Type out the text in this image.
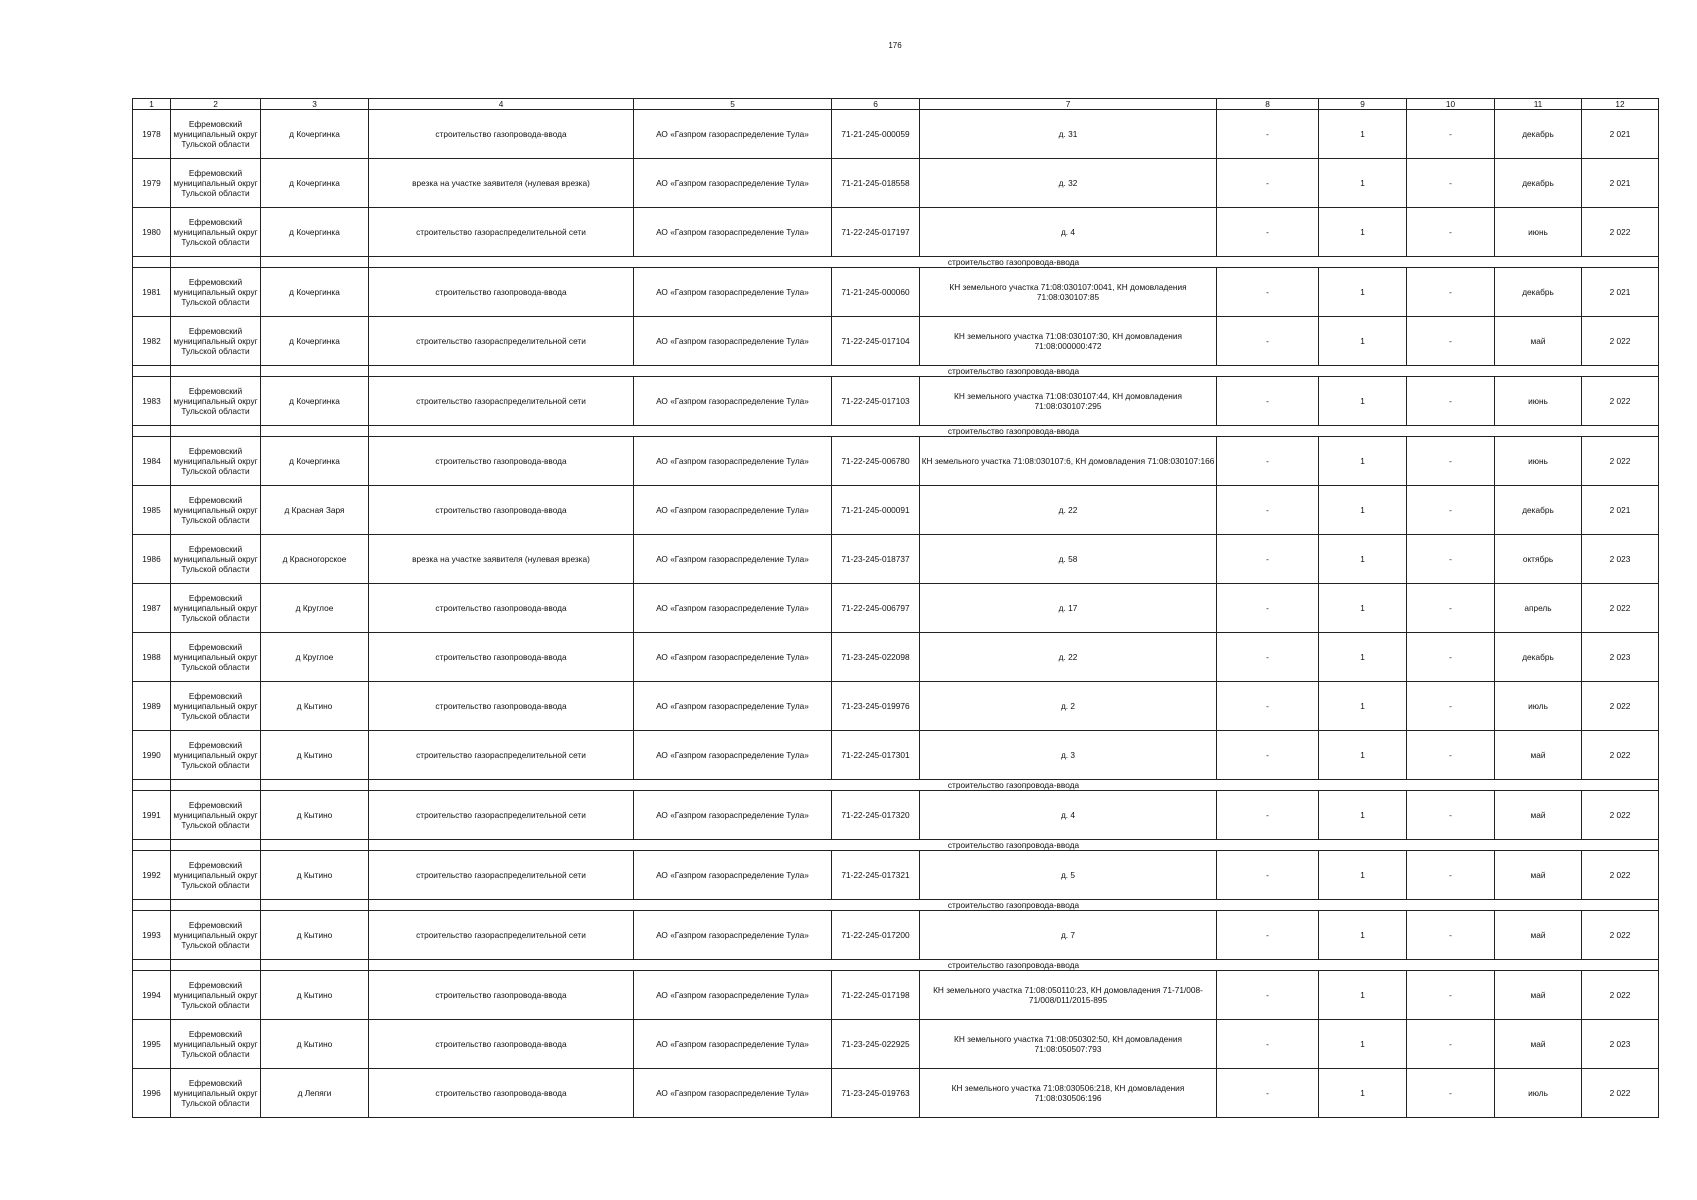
176
1	2	3	4	5	6	7	8	9	10	11	12
1978	Ефремовский муниципальный округ Тульской области	д Кочергинка	строительство газопровода-ввода	АО «Газпром газораспределение Тула»	71-21-245-000059	д. 31	-	1	-	декабрь	2 021
1979	Ефремовский муниципальный округ Тульской области	д Кочергинка	врезка на участке заявителя (нулевая врезка)	АО «Газпром газораспределение Тула»	71-21-245-018558	д. 32	-	1	-	декабрь	2 021
1980	Ефремовский муниципальный округ Тульской области	д Кочергинка	строительство газораспределительной сети	АО «Газпром газораспределение Тула»	71-22-245-017197	д. 4	-	1	-	июнь	2 022
			строительство газопровода-ввода								
1981	Ефремовский муниципальный округ Тульской области	д Кочергинка	строительство газопровода-ввода	АО «Газпром газораспределение Тула»	71-21-245-000060	КН земельного участка 71:08:030107:0041, КН домовладения 71:08:030107:85	-	1	-	декабрь	2 021
1982	Ефремовский муниципальный округ Тульской области	д Кочергинка	строительство газораспределительной сети	АО «Газпром газораспределение Тула»	71-22-245-017104	КН земельного участка 71:08:030107:30, КН домовладения 71:08:000000:472	-	1	-	май	2 022
			строительство газопровода-ввода								
1983	Ефремовский муниципальный округ Тульской области	д Кочергинка	строительство газораспределительной сети	АО «Газпром газораспределение Тула»	71-22-245-017103	КН земельного участка 71:08:030107:44, КН домовладения 71:08:030107:295	-	1	-	июнь	2 022
			строительство газопровода-ввода								
1984	Ефремовский муниципальный округ Тульской области	д Кочергинка	строительство газопровода-ввода	АО «Газпром газораспределение Тула»	71-22-245-006780	КН земельного участка 71:08:030107:6, КН домовладения 71:08:030107:166	-	1	-	июнь	2 022
1985	Ефремовский муниципальный округ Тульской области	д Красная Заря	строительство газопровода-ввода	АО «Газпром газораспределение Тула»	71-21-245-000091	д. 22	-	1	-	декабрь	2 021
1986	Ефремовский муниципальный округ Тульской области	д Красногорское	врезка на участке заявителя (нулевая врезка)	АО «Газпром газораспределение Тула»	71-23-245-018737	д. 58	-	1	-	октябрь	2 023
1987	Ефремовский муниципальный округ Тульской области	д Круглое	строительство газопровода-ввода	АО «Газпром газораспределение Тула»	71-22-245-006797	д. 17	-	1	-	апрель	2 022
1988	Ефремовский муниципальный округ Тульской области	д Круглое	строительство газопровода-ввода	АО «Газпром газораспределение Тула»	71-23-245-022098	д. 22	-	1	-	декабрь	2 023
1989	Ефремовский муниципальный округ Тульской области	д Кытино	строительство газопровода-ввода	АО «Газпром газораспределение Тула»	71-23-245-019976	д. 2	-	1	-	июль	2 022
1990	Ефремовский муниципальный округ Тульской области	д Кытино	строительство газораспределительной сети	АО «Газпром газораспределение Тула»	71-22-245-017301	д. 3	-	1	-	май	2 022
			строительство газопровода-ввода								
1991	Ефремовский муниципальный округ Тульской области	д Кытино	строительство газораспределительной сети	АО «Газпром газораспределение Тула»	71-22-245-017320	д. 4	-	1	-	май	2 022
			строительство газопровода-ввода								
1992	Ефремовский муниципальный округ Тульской области	д Кытино	строительство газораспределительной сети	АО «Газпром газораспределение Тула»	71-22-245-017321	д. 5	-	1	-	май	2 022
			строительство газопровода-ввода								
1993	Ефремовский муниципальный округ Тульской области	д Кытино	строительство газораспределительной сети	АО «Газпром газораспределение Тула»	71-22-245-017200	д. 7	-	1	-	май	2 022
			строительство газопровода-ввода								
1994	Ефремовский муниципальный округ Тульской области	д Кытино	строительство газопровода-ввода	АО «Газпром газораспределение Тула»	71-22-245-017198	КН земельного участка 71:08:050110:23, КН домовладения 71-71/008-71/008/011/2015-895	-	1	-	май	2 022
1995	Ефремовский муниципальный округ Тульской области	д Кытино	строительство газопровода-ввода	АО «Газпром газораспределение Тула»	71-23-245-022925	КН земельного участка 71:08:050302:50, КН домовладения 71:08:050507:793	-	1	-	май	2 023
1996	Ефремовский муниципальный округ Тульской области	д Лепяги	строительство газопровода-ввода	АО «Газпром газораспределение Тула»	71-23-245-019763	КН земельного участка 71:08:030506:218, КН домовладения 71:08:030506:196	-	1	-	июль	2 022
